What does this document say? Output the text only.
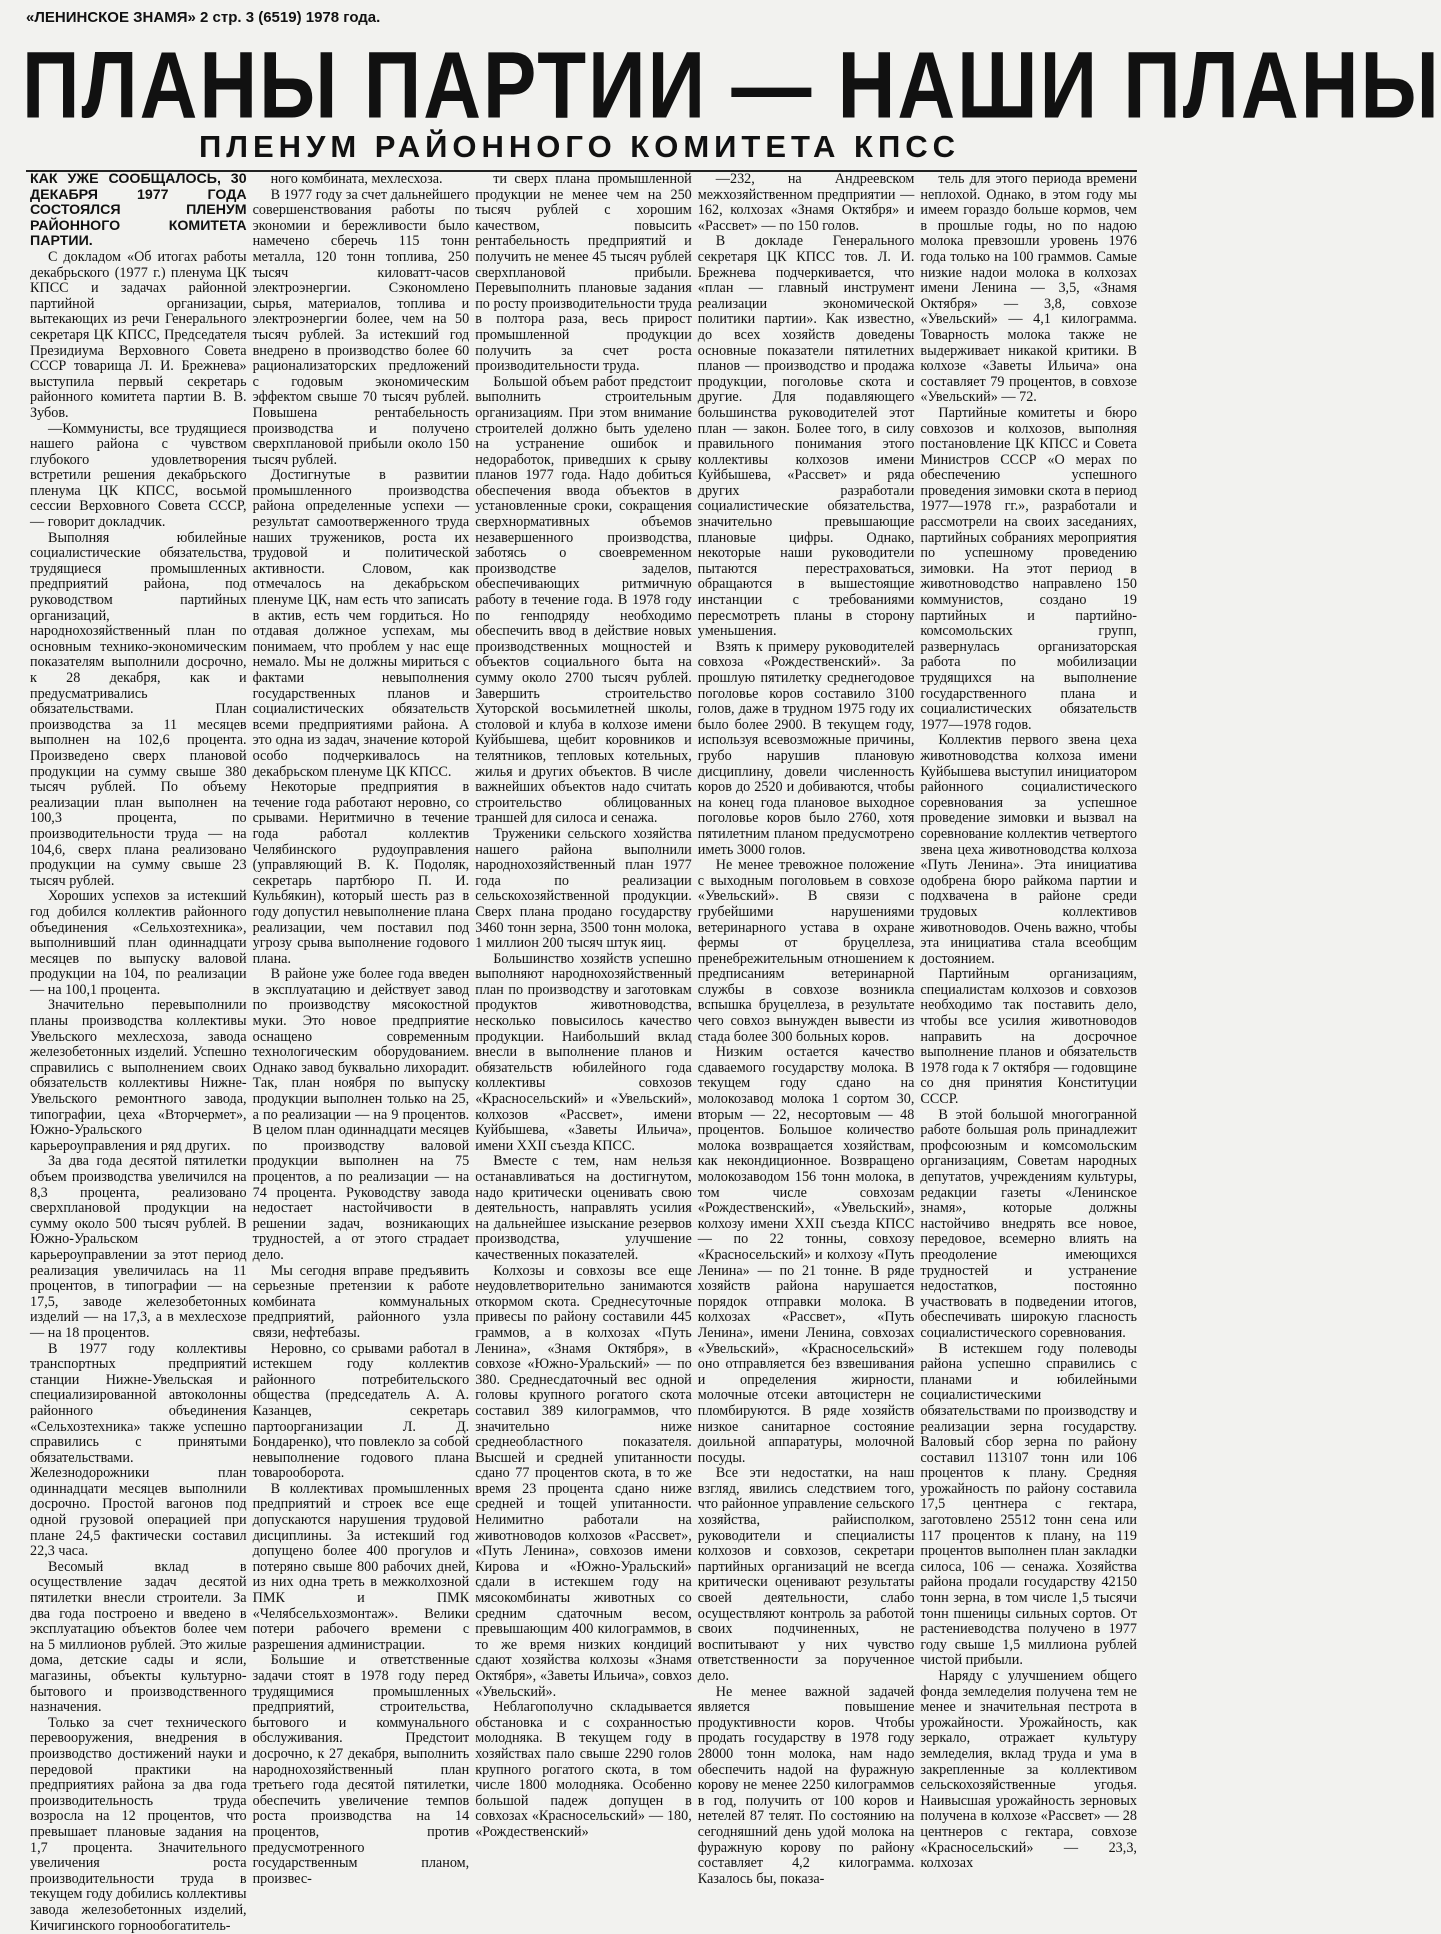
«ЛЕНИНСКОЕ ЗНАМЯ» 2 стр. 3 (6519) 1978 года.
ПЛАНЫ ПАРТИИ — НАШИ ПЛАНЫ
ПЛЕНУМ РАЙОННОГО КОМИТЕТА КПСС

КАК УЖЕ СООБЩАЛОСЬ, 30 ДЕКАБРЯ 1977 ГОДА СОСТОЯЛСЯ ПЛЕНУМ РАЙОННОГО КОМИТЕТА ПАРТИИ.

С докладом «Об итогах работы декабрьского (1977 г.) пленума ЦК КПСС и задачах районной партийной организации, вытекающих из речи Генерального секретаря ЦК КПСС, Председателя Президиума Верховного Совета СССР товарища Л. И. Брежнева» выступила первый секретарь районного комитета партии В. В. Зубов.

—Коммунисты, все трудящиеся нашего района с чувством глубокого удовлетворения встретили решения декабрьского пленума ЦК КПСС, восьмой сессии Верховного Совета СССР, — говорит докладчик.

Выполняя юбилейные социалистические обязательства, трудящиеся промышленных предприятий района, под руководством партийных организаций, народнохозяйственный план по основным технико-экономическим показателям выполнили досрочно, к 28 декабря, как и предусматривались обязательствами. План производства за 11 месяцев выполнен на 102,6 процента. Произведено сверх плановой продукции на сумму свыше 380 тысяч рублей. По объему реализации план выполнен на 100,3 процента, по производительности труда — на 104,6, сверх плана реализовано продукции на сумму свыше 23 тысяч рублей.

Хороших успехов за истекший год добился коллектив районного объединения «Сельхозтехника», выполнивший план одиннадцати месяцев по выпуску валовой продукции на 104, по реализации — на 100,1 процента.

Значительно перевыполнили планы производства коллективы Увельского мехлесхоза, завода железобетонных изделий. Успешно справились с выполнением своих обязательств коллективы Нижне-Увельского ремонтного завода, типографии, цеха «Вторчермет», Южно-Уральского карьероуправления и ряд других.

За два года десятой пятилетки объем производства увеличился на 8,3 процента, реализовано сверхплановой продукции на сумму около 500 тысяч рублей. В Южно-Уральском карьероуправлении за этот период реализация увеличилась на 11 процентов, в типографии — на 17,5, заводе железобетонных изделий — на 17,3, а в мехлесхозе — на 18 процентов.

В 1977 году коллективы транспортных предприятий станции Нижне-Увельская и специализированной автоколонны районного объединения «Сельхозтехника» также успешно справились с принятыми обязательствами. Железнодорожники план одиннадцати месяцев выполнили досрочно. Простой вагонов под одной грузовой операцией при плане 24,5 фактически составил 22,3 часа.

Весомый вклад в осуществление задач десятой пятилетки внесли строители. За два года построено и введено в эксплуатацию объектов более чем на 5 миллионов рублей. Это жилые дома, детские сады и ясли, магазины, объекты культурно-бытового и производственного назначения.

Только за счет технического перевооружения, внедрения в производство достижений науки и передовой практики на предприятиях района за два года производительность труда возросла на 12 процентов, что превышает плановые задания на 1,7 процента. Значительного увеличения роста производительности труда в текущем году добились коллективы завода железобетонных изделий, Кичигинского горнообогатитель-

ного комбината, мехлесхоза.

В 1977 году за счет дальнейшего совершенствования работы по экономии и бережливости было намечено сберечь 115 тонн металла, 120 тонн топлива, 250 тысяч киловатт-часов электроэнергии. Сэкономлено сырья, материалов, топлива и электроэнергии более, чем на 50 тысяч рублей. За истекший год внедрено в производство более 60 рационализаторских предложений с годовым экономическим эффектом свыше 70 тысяч рублей. Повышена рентабельность производства и получено сверхплановой прибыли около 150 тысяч рублей.

Достигнутые в развитии промышленного производства района определенные успехи — результат самоотверженного труда наших тружеников, роста их трудовой и политической активности. Словом, как отмечалось на декабрьском пленуме ЦК, нам есть что записать в актив, есть чем гордиться. Но отдавая должное успехам, мы понимаем, что проблем у нас еще немало. Мы не должны мириться с фактами невыполнения государственных планов и социалистических обязательств всеми предприятиями района. А это одна из задач, значение которой особо подчеркивалось на декабрьском пленуме ЦК КПСС.

Некоторые предприятия в течение года работают неровно, со срывами. Неритмично в течение года работал коллектив Челябинского рудоуправления (управляющий В. К. Подоляк, секретарь партбюро П. И. Кульбякин), который шесть раз в году допустил невыполнение плана реализации, чем поставил под угрозу срыва выполнение годового плана.

В районе уже более года введен в эксплуатацию и действует завод по производству мясокостной муки. Это новое предприятие оснащено современным технологическим оборудованием. Однако завод буквально лихорадит. Так, план ноября по выпуску продукции выполнен только на 25, а по реализации — на 9 процентов. В целом план одиннадцати месяцев по производству валовой продукции выполнен на 75 процентов, а по реализации — на 74 процента. Руководству завода недостает настойчивости в решении задач, возникающих трудностей, а от этого страдает дело.

Мы сегодня вправе предъявить серьезные претензии к работе комбината коммунальных предприятий, районного узла связи, нефтебазы.

Неровно, со срывами работал в истекшем году коллектив районного потребительского общества (председатель А. А. Казанцев, секретарь партоорганизации Л. Д. Бондаренко), что повлекло за собой невыполнение годового плана товарооборота.

В коллективах промышленных предприятий и строек все еще допускаются нарушения трудовой дисциплины. За истекший год допущено более 400 прогулов и потеряно свыше 800 рабочих дней, из них одна треть в межколхозной ПМК и ПМК «Челябсельхозмонтаж». Велики потери рабочего времени с разрешения администрации.

Большие и ответственные задачи стоят в 1978 году перед трудящимися промышленных предприятий, строительства, бытового и коммунального обслуживания. Предстоит досрочно, к 27 декабря, выполнить народнохозяйственный план третьего года десятой пятилетки, обеспечить увеличение темпов роста производства на 14 процентов, против предусмотренного государственным планом, произвес-

ти сверх плана промышленной продукции не менее чем на 250 тысяч рублей с хорошим качеством, повысить рентабельность предприятий и получить не менее 45 тысяч рублей сверхплановой прибыли. Перевыполнить плановые задания по росту производительности труда в полтора раза, весь прирост промышленной продукции получить за счет роста производительности труда.

Большой объем работ предстоит выполнить строительным организациям. При этом внимание строителей должно быть уделено на устранение ошибок и недоработок, приведших к срыву планов 1977 года. Надо добиться обеспечения ввода объектов в установленные сроки, сокращения сверхнормативных объемов незавершенного производства, заботясь о своевременном производстве заделов, обеспечивающих ритмичную работу в течение года. В 1978 году по генподряду необходимо обеспечить ввод в действие новых производственных мощностей и объектов социального быта на сумму около 2700 тысяч рублей. Завершить строительство Хуторской восьмилетней школы, столовой и клуба в колхозе имени Куйбышева, щебит коровников и телятников, тепловых котельных, жилья и других объектов. В числе важнейших объектов надо считать строительство облицованных траншей для силоса и сенажа.

Труженики сельского хозяйства нашего района выполнили народнохозяйственный план 1977 года по реализации сельскохозяйственной продукции. Сверх плана продано государству 3460 тонн зерна, 3500 тонн молока, 1 миллион 200 тысяч штук яиц.

Большинство хозяйств успешно выполняют народнохозяйственный план по производству и заготовкам продуктов животноводства, несколько повысилось качество продукции. Наибольший вклад внесли в выполнение планов и обязательств юбилейного года коллективы совхозов «Красносельский» и «Увельский», колхозов «Рассвет», имени Куйбышева, «Заветы Ильича», имени XXII съезда КПСС.

Вместе с тем, нам нельзя останавливаться на достигнутом, надо критически оценивать свою деятельность, направлять усилия на дальнейшее изыскание резервов производства, улучшение качественных показателей.

Колхозы и совхозы все еще неудовлетворительно занимаются откормом скота. Среднесуточные привесы по району составили 445 граммов, а в колхозах «Путь Ленина», «Знамя Октября», в совхозе «Южно-Уральский» — по 380. Среднесдаточный вес одной головы крупного рогатого скота составил 389 килограммов, что значительно ниже среднеобластного показателя. Высшей и средней упитанности сдано 77 процентов скота, в то же время 23 процента сдано ниже средней и тощей упитанности. Нелимитно работали на животноводов колхозов «Рассвет», «Путь Ленина», совхозов имени Кирова и «Южно-Уральский» сдали в истекшем году на мясокомбинаты животных со средним сдаточным весом, превышающим 400 килограммов, в то же время низких кондиций сдают хозяйства колхозы «Знамя Октября», «Заветы Ильича», совхоз «Увельский».

Неблагополучно складывается обстановка и с сохранностью молодняка. В текущем году в хозяйствах пало свыше 2290 голов крупного рогатого скота, в том числе 1800 молодняка. Особенно большой падеж допущен в совхозах «Красносельский» — 180, «Рождественский»

—232, на Андреевском межхозяйственном предприятии — 162, колхозах «Знамя Октября» и «Рассвет» — по 150 голов.

В докладе Генерального секретаря ЦК КПСС тов. Л. И. Брежнева подчеркивается, что «план — главный инструмент реализации экономической политики партии». Как известно, до всех хозяйств доведены основные показатели пятилетних планов — производство и продажа продукции, поголовье скота и другие. Для подавляющего большинства руководителей этот план — закон. Более того, в силу правильного понимания этого коллективы колхозов имени Куйбышева, «Рассвет» и ряда других разработали социалистические обязательства, значительно превышающие плановые цифры. Однако, некоторые наши руководители пытаются перестраховаться, обращаются в вышестоящие инстанции с требованиями пересмотреть планы в сторону уменьшения.

Взять к примеру руководителей совхоза «Рождественский». За прошлую пятилетку среднегодовое поголовье коров составило 3100 голов, даже в трудном 1975 году их было более 2900. В текущем году, используя всевозможные причины, грубо нарушив плановую дисциплину, довели численность коров до 2520 и добиваются, чтобы на конец года плановое выходное поголовье коров было 2760, хотя пятилетним планом предусмотрено иметь 3000 голов.

Не менее тревожное положение с выходным поголовьем в совхозе «Увельский». В связи с грубейшими нарушениями ветеринарного устава в охране фермы от бруцеллеза, пренебрежительным отношением к предписаниям ветеринарной службы в совхозе возникла вспышка бруцеллеза, в результате чего совхоз вынужден вывести из стада более 300 больных коров.

Низким остается качество сдаваемого государству молока. В текущем году сдано на молокозавод молока 1 сортом 30, вторым — 22, несортовым — 48 процентов. Большое количество молока возвращается хозяйствам, как некондиционное. Возвращено молокозаводом 156 тонн молока, в том числе совхозам «Рождественский», «Увельский», колхозу имени XXII съезда КПСС — по 22 тонны, совхозу «Красносельский» и колхозу «Путь Ленина» — по 21 тонне. В ряде хозяйств района нарушается порядок отправки молока. В колхозах «Рассвет», «Путь Ленина», имени Ленина, совхозах «Увельский», «Красносельский» оно отправляется без взвешивания и определения жирности, молочные отсеки автоцистерн не пломбируются. В ряде хозяйств низкое санитарное состояние доильной аппаратуры, молочной посуды.

Все эти недостатки, на наш взгляд, явились следствием того, что районное управление сельского хозяйства, райисполком, руководители и специалисты колхозов и совхозов, секретари партийных организаций не всегда критически оценивают результаты своей деятельности, слабо осуществляют контроль за работой своих подчиненных, не воспитывают у них чувство ответственности за порученное дело.

Не менее важной задачей является повышение продуктивности коров. Чтобы продать государству в 1978 году 28000 тонн молока, нам надо обеспечить надой на фуражную корову не менее 2250 килограммов в год, получить от 100 коров и нетелей 87 телят. По состоянию на сегодняшний день удой молока на фуражную корову по району составляет 4,2 килограмма. Казалось бы, показа-

тель для этого периода времени неплохой. Однако, в этом году мы имеем гораздо больше кормов, чем в прошлые годы, но по надою молока превзошли уровень 1976 года только на 100 граммов. Самые низкие надои молока в колхозах имени Ленина — 3,5, «Знамя Октября» — 3,8, совхозе «Увельский» — 4,1 килограмма. Товарность молока также не выдерживает никакой критики. В колхозе «Заветы Ильича» она составляет 79 процентов, в совхозе «Увельский» — 72.

Партийные комитеты и бюро совхозов и колхозов, выполняя постановление ЦК КПСС и Совета Министров СССР «О мерах по обеспечению успешного проведения зимовки скота в период 1977—1978 гг.», разработали и рассмотрели на своих заседаниях, партийных собраниях мероприятия по успешному проведению зимовки. На этот период в животноводство направлено 150 коммунистов, создано 19 партийных и партийно-комсомольских групп, развернулась организаторская работа по мобилизации трудящихся на выполнение государственного плана и социалистических обязательств 1977—1978 годов.

Коллектив первого звена цеха животноводства колхоза имени Куйбышева выступил инициатором районного социалистического соревнования за успешное проведение зимовки и вызвал на соревнование коллектив четвертого звена цеха животноводства колхоза «Путь Ленина». Эта инициатива одобрена бюро райкома партии и подхвачена в районе среди трудовых коллективов животноводов. Очень важно, чтобы эта инициатива стала всеобщим достоянием.

Партийным организациям, специалистам колхозов и совхозов необходимо так поставить дело, чтобы все усилия животноводов направить на досрочное выполнение планов и обязательств 1978 года к 7 октября — годовщине со дня принятия Конституции СССР.

В этой большой многогранной работе большая роль принадлежит профсоюзным и комсомольским организациям, Советам народных депутатов, учреждениям культуры, редакции газеты «Ленинское знамя», которые должны настойчиво внедрять все новое, передовое, всемерно влиять на преодоление имеющихся трудностей и устранение недостатков, постоянно участвовать в подведении итогов, обеспечивать широкую гласность социалистического соревнования.

В истекшем году полеводы района успешно справились с планами и юбилейными социалистическими обязательствами по производству и реализации зерна государству. Валовый сбор зерна по району составил 113107 тонн или 106 процентов к плану. Средняя урожайность по району составила 17,5 центнера с гектара, заготовлено 25512 тонн сена или 117 процентов к плану, на 119 процентов выполнен план закладки силоса, 106 — сенажа. Хозяйства района продали государству 42150 тонн зерна, в том числе 1,5 тысячи тонн пшеницы сильных сортов. От растениеводства получено в 1977 году свыше 1,5 миллиона рублей чистой прибыли.

Наряду с улучшением общего фонда земледелия получена тем не менее и значительная пестрота в урожайности. Урожайность, как зеркало, отражает культуру земледелия, вклад труда и ума в закрепленные за коллективом сельскохозяйственные угодья. Наивысшая урожайность зерновых получена в колхозе «Рассвет» — 28 центнеров с гектара, совхозе «Красносельский» — 23,3, колхозах
